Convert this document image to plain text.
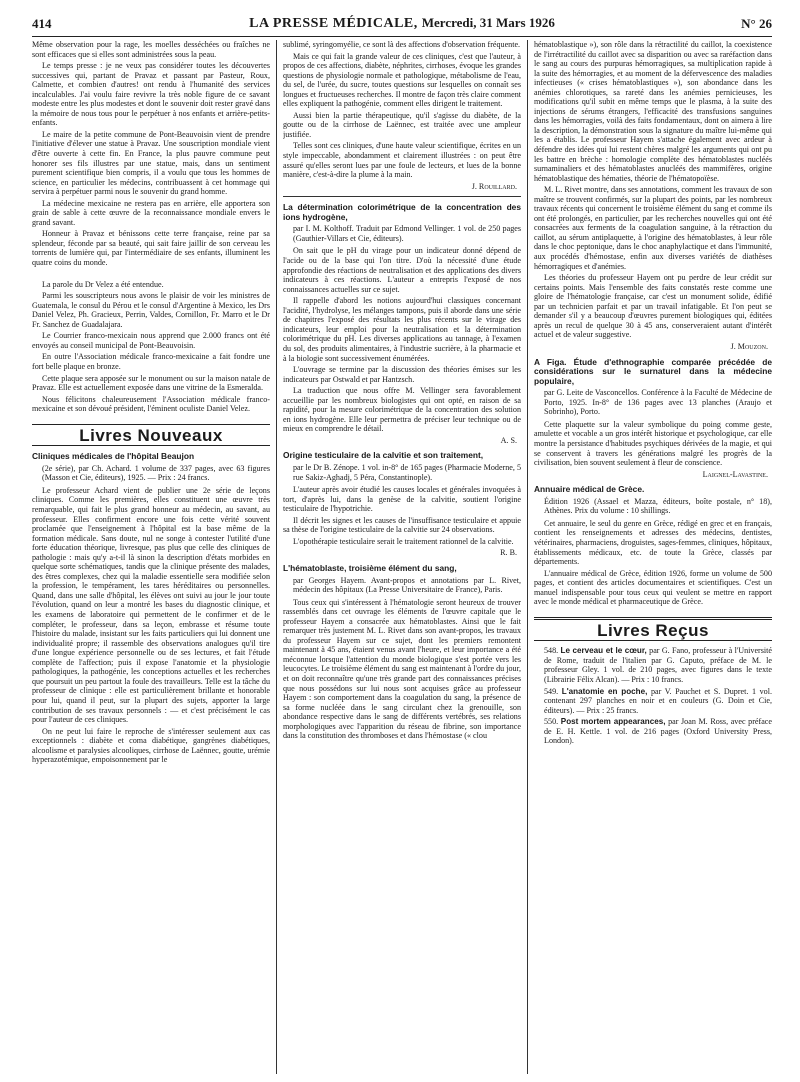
414	LA PRESSE MÉDICALE, Mercredi, 31 Mars 1926	N° 26

Même observation pour la rage, les moelles desséchées ou fraîches ne sont efficaces que si elles sont administrées sous la peau.

Le temps presse : je ne veux pas considérer toutes les découvertes successives qui, partant de Pravaz et passant par Pasteur, Roux, Calmette, et combien d'autres! ont rendu à l'humanité des services incalculables. J'ai voulu faire revivre la très noble figure de ce savant modeste entre les plus modestes et dont le souvenir doit rester gravé dans la mémoire de nous tous pour le perpétuer à nos enfants et arrière-petits-enfants.

Le maire de la petite commune de Pont-Beauvoisin vient de prendre l'initiative d'élever une statue à Pravaz. Une souscription mondiale vient d'être ouverte à cette fin. En France, la plus pauvre commune peut honorer ses fils illustres par une statue, mais, dans un sentiment purement scientifique bien compris, il a voulu que tous les hommes de science, en particulier les médecins, contribuassent à cet hommage qui servira à perpétuer parmi nous le souvenir du grand homme.

La médecine mexicaine ne restera pas en arrière, elle apportera son grain de sable à cette œuvre de la reconnaissance mondiale envers le grand savant.

Honneur à Pravaz et bénissons cette terre française, reine par sa splendeur, féconde par sa beauté, qui sait faire jaillir de son cerveau les torrents de lumière qui, par l'intermédiaire de ses enfants, illuminent les quatre coins du monde.

La parole du Dr Velez a été entendue.

Parmi les souscripteurs nous avons le plaisir de voir les ministres de Guatemala, le consul du Pérou et le consul d'Argentine à Mexico, les Drs Daniel Velez, Ph. Gracieux, Perrin, Valdes, Cornillon, Fr. Marro et le Dr Fr. Sanchez de Guadalajara.

Le Courrier franco-mexicain nous apprend que 2.000 francs ont été envoyés au conseil municipal de Pont-Beauvoisin.

En outre l'Association médicale franco-mexicaine a fait fondre une fort belle plaque en bronze.

Cette plaque sera apposée sur le monument ou sur la maison natale de Pravaz. Elle est actuellement exposée dans une vitrine de la Esmeralda.

Nous félicitons chaleureusement l'Association médicale franco-mexicaine et son dévoué président, l'éminent oculiste Daniel Velez.

Livres Nouveaux

Cliniques médicales de l'hôpital Beaujon

(2e série), par Ch. Achard. 1 volume de 337 pages, avec 63 figures (Masson et Cie, éditeurs), 1925. — Prix : 24 francs.

Le professeur Achard vient de publier une 2e série de leçons cliniques. Comme les premières, elles constituent une œuvre très remarquable, qui fait le plus grand honneur au médecin, au savant, au professeur. Elles confirment encore une fois cette vérité souvent proclamée que l'enseignement à l'hôpital est la base même de la formation médicale. Sans doute, nul ne songe à contester l'utilité d'une forte éducation théorique, livresque, pas plus que celle des cliniques de pathologie : mais qu'y a-t-il là sinon la description d'états morbides en quelque sorte schématiques, tandis que la clinique présente des malades, des êtres complexes, chez qui la maladie essentielle sera modifiée selon la profession, le tempérament, les tares héréditaires ou personnelles. Quand, dans une salle d'hôpital, les élèves ont suivi au jour le jour toute l'évolution, quand on leur a montré les bases du diagnostic clinique, et les examens de laboratoire qui permettent de le confirmer et de le compléter, le professeur, dans sa leçon, embrasse et résume toute l'histoire du malade, insistant sur les faits particuliers qui lui donnent une individualité propre; il rassemble des observations analogues qu'il tire d'une longue expérience personnelle ou de ses lectures, et fait l'étude complète de l'affection; puis il expose l'anatomie et la physiologie pathologiques, la pathogénie, les conceptions actuelles et les recherches que poursuit un peu partout la foule des travailleurs. Telle est la tâche du professeur de clinique : elle est particulièrement brillante et honorable pour lui, quand il peut, sur la plupart des sujets, apporter la large contribution de ses travaux personnels : — et c'est précisément le cas pour l'auteur de ces cliniques.

On ne peut lui faire le reproche de s'intéresser seulement aux cas exceptionnels : diabète et coma diabétique, gangrènes diabétiques, alcoolisme et paralysies alcooliques, cirrhose de Laënnec, goutte, urémie hyperazotémique, empoisonnement par le

sublimé, syringomyélie, ce sont là des affections d'observation fréquente.

Mais ce qui fait la grande valeur de ces cliniques, c'est que l'auteur, à propos de ces affections, diabète, néphrites, cirrhoses, évoque les grandes questions de physiologie normale et pathologique, métabolisme de l'eau, du sel, de l'urée, du sucre, toutes questions sur lesquelles on connaît ses longues et fructueuses recherches. Il montre de façon très claire comment elles expliquent la pathogénie, comment elles dirigent le traitement.

Aussi bien la partie thérapeutique, qu'il s'agisse du diabète, de la goutte ou de la cirrhose de Laënnec, est traitée avec une ampleur justifiée.

Telles sont ces cliniques, d'une haute valeur scientifique, écrites en un style impeccable, abondamment et clairement illustrées : on peut être assuré qu'elles seront lues par une foule de lecteurs, et lues de la bonne manière, c'est-à-dire la plume à la main.

J. Rouillard.

La détermination colorimétrique de la concentration des ions hydrogène,

par I. M. Kolthoff. Traduit par Edmond Vellinger. 1 vol. de 250 pages (Gauthier-Villars et Cie, éditeurs).

On sait que le pH du virage pour un indicateur donné dépend de l'acide ou de la base qui l'on titre. D'où la nécessité d'une étude approfondie des réactions de neutralisation et des applications des divers indicateurs à ces réactions. L'auteur a entrepris l'exposé de nos connaissances actuelles sur ce sujet.

Il rappelle d'abord les notions aujourd'hui classiques concernant l'acidité, l'hydrolyse, les mélanges tampons, puis il aborde dans une série de chapitres l'exposé des résultats les plus récents sur le virage des indicateurs, leur emploi pour la neutralisation et la détermination colorimétrique du pH. Les diverses applications au tannage, à l'examen du sol, des produits alimentaires, à l'industrie sucrière, à la pharmacie et à la biologie sont successivement énumérées.

L'ouvrage se termine par la discussion des théories émises sur les indicateurs par Ostwald et par Hantzsch.

La traduction que nous offre M. Vellinger sera favorablement accueillie par les nombreux biologistes qui ont opté, en raison de sa rapidité, pour la mesure colorimétrique de la concentration des solution en ions hydrogène. Elle leur permettra de préciser leur technique ou de mieux en comprendre le détail.

A. S.

Origine testiculaire de la calvitie et son traitement,

par le Dr B. Zénope. 1 vol. in-8° de 165 pages (Pharmacie Moderne, 5 rue Sakiz-Aghadj, 5 Péra, Constantinople).

L'auteur après avoir étudié les causes locales et générales invoquées à tort, d'après lui, dans la genèse de la calvitie, soutient l'origine testiculaire de l'hypotrichie.

Il décrit les signes et les causes de l'insuffisance testiculaire et appuie sa thèse de l'origine testiculaire de la calvitie sur 24 observations.

L'opothérapie testiculaire serait le traitement rationnel de la calvitie.

R. B.

L'hématoblaste, troisième élément du sang,

par Georges Hayem. Avant-propos et annotations par L. Rivet, médecin des hôpitaux (La Presse Universitaire de France), Paris.

Tous ceux qui s'intéressent à l'hématologie seront heureux de trouver rassemblés dans cet ouvrage les éléments de l'œuvre capitale que le professeur Hayem a consacrée aux hématoblastes. Ainsi que le fait remarquer très justement M. L. Rivet dans son avant-propos, les travaux du professeur Hayem sur ce sujet, dont les premiers remontent maintenant à 45 ans, étaient venus avant l'heure, et leur importance a été méconnue lorsque l'attention du monde biologique s'est portée vers les leucocytes. Le troisième élément du sang est maintenant à l'ordre du jour, et on doit reconnaître qu'une très grande part des connaissances précises que nous possédons sur lui nous sont acquises grâce au professeur Hayem : son comportement dans la coagulation du sang, la présence de sa forme nucléée dans le sang circulant chez la grenouille, son abondance respective dans le sang de différents vertébrés, ses relations morphologiques avec l'apparition du réseau de fibrine, son importance dans la constitution des thromboses et dans l'hémostase (« clou

hématoblastique »), son rôle dans la rétractilité du caillot, la coexistence de l'irrétractilité du caillot avec sa disparition ou avec sa raréfaction dans le sang au cours des purpuras hémorragiques, sa multiplication rapide à la suite des hémorragies, et au moment de la défervescence des maladies infectieuses (« crises hématoblastiques »), son abondance dans les anémies chlorotiques, sa rareté dans les anémies pernicieuses, les modifications qu'il subit en même temps que le plasma, à la suite des injections de sérums étrangers, l'efficacité des transfusions sanguines dans les hémorragies, voilà des faits fondamentaux, dont on aimera à lire la description, la démonstration sous la signature du maître lui-même qui les a établis. Le professeur Hayem s'attache également avec ardeur à défendre des idées qui lui restent chères malgré les arguments qui ont pu les battre en brèche : homologie complète des hématoblastes nucléés surnaminaliers et des hématoblastes anucléés des mammifères, origine hématoblastique des hématies, théorie de l'hématopoïèse.

M. L. Rivet montre, dans ses annotations, comment les travaux de son maître se trouvent confirmés, sur la plupart des points, par les nombreux travaux récents qui concernent le troisième élément du sang et comme ils ont été prolongés, en particulier, par les recherches nouvelles qui ont été consacrées aux ferments de la coagulation sanguine, à la rétraction du caillot, au sérum antiplaquette, à l'origine des hématoblastes, à leur rôle dans le choc peptonique, dans le choc anaphylactique et dans l'immunité, aux procédés d'hémostase, enfin aux diverses variétés de diathèses hémorragiques et d'anémies.

Les théories du professeur Hayem ont pu perdre de leur crédit sur certains points. Mais l'ensemble des faits constatés reste comme une gloire de l'hématologie française, car c'est un monument solide, édifié par un technicien parfait et par un travail infatigable. Et l'on peut se demander s'il y a beaucoup d'œuvres purement biologiques qui, éditées après un recul de quelque 30 à 45 ans, conserveraient autant d'intérêt actuel et de valeur suggestive.

J. Mouzon.

A Figa. Étude d'ethnographie comparée précédée de considérations sur le surnaturel dans la médecine populaire,

par G. Leite de Vasconcellos. Conférence à la Faculté de Médecine de Porto, 1925. In-8° de 136 pages avec 13 planches (Araujo et Sobrinho), Porto.

Cette plaquette sur la valeur symbolique du poing comme geste, amulette et vocable a un gros intérêt historique et psychologique, car elle montre la persistance d'habitudes psychiques dérivées de la magie, et qui se conservent à travers les générations malgré les progrès de la civilisation, bien souvent seulement à fleur de conscience.

Laignel-Lavastine.

Annuaire médical de Grèce.

Édition 1926 (Assael et Mazza, éditeurs, boîte postale, n° 18), Athènes. Prix du volume : 10 shillings.

Cet annuaire, le seul du genre en Grèce, rédigé en grec et en français, contient les renseignements et adresses des médecins, dentistes, vétérinaires, pharmaciens, droguistes, sages-femmes, cliniques, hôpitaux, établissements médicaux, etc. de toute la Grèce, classés par départements.

L'annuaire médical de Grèce, édition 1926, forme un volume de 500 pages, et contient des articles documentaires et scientifiques. C'est un manuel indispensable pour tous ceux qui veulent se mettre en rapport avec le monde médical et pharmaceutique de Grèce.

Livres Reçus

548. Le cerveau et le cœur, par G. Fano, professeur à l'Université de Rome, traduit de l'italien par G. Caputo, préface de M. le professeur Gley. 1 vol. de 210 pages, avec figures dans le texte (Librairie Félix Alcan). — Prix : 10 francs.

549. L'anatomie en poche, par V. Pauchet et S. Dupret. 1 vol. contenant 297 planches en noir et en couleurs (G. Doin et Cie, éditeurs). — Prix : 25 francs.

550. Post mortem appearances, par Joan M. Ross, avec préface de E. H. Kettle. 1 vol. de 216 pages (Oxford University Press, London).
